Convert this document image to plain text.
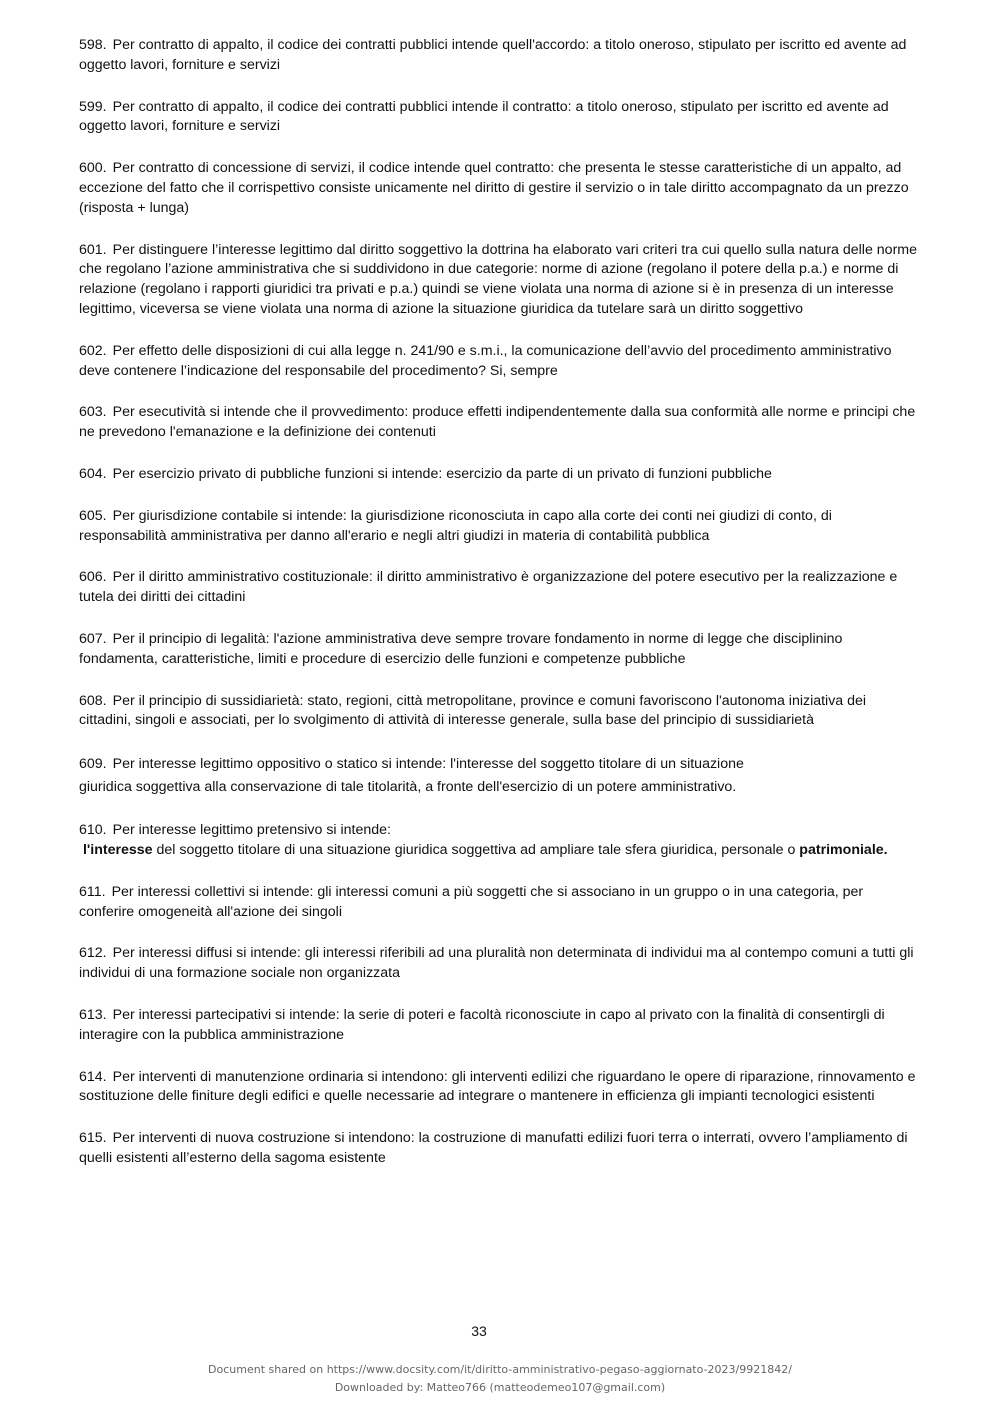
598. Per contratto di appalto, il codice dei contratti pubblici intende quell'accordo: a titolo oneroso, stipulato per iscritto ed avente ad oggetto lavori, forniture e servizi

599. Per contratto di appalto, il codice dei contratti pubblici intende il contratto: a titolo oneroso, stipulato per iscritto ed avente ad oggetto lavori, forniture e servizi

600. Per contratto di concessione di servizi, il codice intende quel contratto: che presenta le stesse caratteristiche di un appalto, ad eccezione del fatto che il corrispettivo consiste unicamente nel diritto di gestire il servizio o in tale diritto accompagnato da un prezzo (risposta + lunga)

601. Per distinguere l’interesse legittimo dal diritto soggettivo la dottrina ha elaborato vari criteri tra cui quello sulla natura delle norme che regolano l’azione amministrativa che si suddividono in due categorie: norme di azione (regolano il potere della p.a.) e norme di relazione (regolano i rapporti giuridici tra privati e p.a.) quindi se viene violata una norma di azione si è in presenza di un interesse legittimo, viceversa se viene violata una norma di azione la situazione giuridica da tutelare sarà un diritto soggettivo

602. Per effetto delle disposizioni di cui alla legge n. 241/90 e s.m.i., la comunicazione dell’avvio del procedimento amministrativo deve contenere l’indicazione del responsabile del procedimento? Si, sempre

603. Per esecutività si intende che il provvedimento: produce effetti indipendentemente dalla sua conformità alle norme e principi che ne prevedono l'emanazione e la definizione dei contenuti

604. Per esercizio privato di pubbliche funzioni si intende: esercizio da parte di un privato di funzioni pubbliche

605. Per giurisdizione contabile si intende: la giurisdizione riconosciuta in capo alla corte dei conti nei giudizi di conto, di responsabilità amministrativa per danno all'erario e negli altri giudizi in materia di contabilità pubblica

606. Per il diritto amministrativo costituzionale: il diritto amministrativo è organizzazione del potere esecutivo per la realizzazione e tutela dei diritti dei cittadini

607. Per il principio di legalità: l'azione amministrativa deve sempre trovare fondamento in norme di legge che disciplinino fondamenta, caratteristiche, limiti e procedure di esercizio delle funzioni e competenze pubbliche

608. Per il principio di sussidiarietà: stato, regioni, città metropolitane, province e comuni favoriscono l'autonoma iniziativa dei cittadini, singoli e associati, per lo svolgimento di attività di interesse generale, sulla base del principio di sussidiarietà

609. Per interesse legittimo oppositivo o statico si intende: l'interesse del soggetto titolare di un situazione
giuridica soggettiva alla conservazione di tale titolarità, a fronte dell'esercizio di un potere amministrativo.

610. Per interesse legittimo pretensivo si intende:
l'interesse del soggetto titolare di una situazione giuridica soggettiva ad ampliare tale sfera giuridica, personale o patrimoniale.

611. Per interessi collettivi si intende: gli interessi comuni a più soggetti che si associano in un gruppo o in una categoria, per conferire omogeneità all'azione dei singoli

612. Per interessi diffusi si intende: gli interessi riferibili ad una pluralità non determinata di individui ma al contempo comuni a tutti gli individui di una formazione sociale non organizzata

613. Per interessi partecipativi si intende: la serie di poteri e facoltà riconosciute in capo al privato con la finalità di consentirgli di interagire con la pubblica amministrazione

614. Per interventi di manutenzione ordinaria si intendono: gli interventi edilizi che riguardano le opere di riparazione, rinnovamento e sostituzione delle finiture degli edifici e quelle necessarie ad integrare o mantenere in efficienza gli impianti tecnologici esistenti

615. Per interventi di nuova costruzione si intendono: la costruzione di manufatti edilizi fuori terra o interrati, ovvero l’ampliamento di quelli esistenti all’esterno della sagoma esistente

33
Document shared on https://www.docsity.com/it/diritto-amministrativo-pegaso-aggiornato-2023/9921842/
Downloaded by: Matteo766 (matteodemeo107@gmail.com)
